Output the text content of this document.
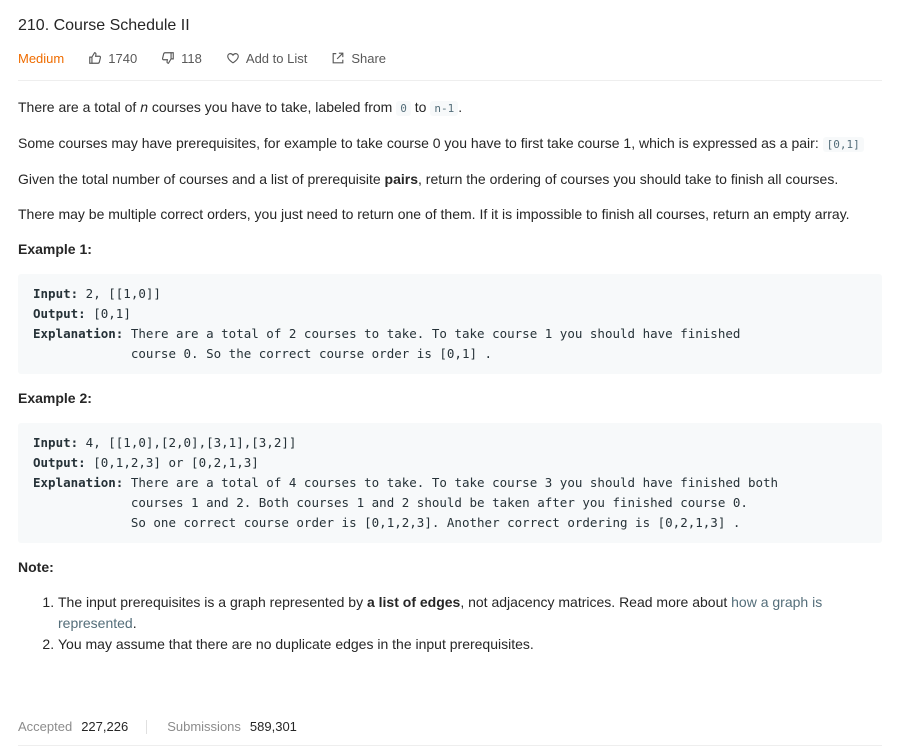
210. Course Schedule II
Medium	1740	118	Add to List	Share

There are a total of n courses you have to take, labeled from 0 to n-1 .

Some courses may have prerequisites, for example to take course 0 you have to first take course 1, which is expressed as a pair: [0,1]

Given the total number of courses and a list of prerequisite pairs, return the ordering of courses you should take to finish all courses.

There may be multiple correct orders, you just need to return one of them. If it is impossible to finish all courses, return an empty array.

Example 1:
Input: 2, [[1,0]]
Output: [0,1]
Explanation: There are a total of 2 courses to take. To take course 1 you should have finished
course 0. So the correct course order is [0,1] .
Example 2:
Input: 4, [[1,0],[2,0],[3,1],[3,2]]
Output: [0,1,2,3] or [0,2,1,3]
Explanation: There are a total of 4 courses to take. To take course 3 you should have finished both
courses 1 and 2. Both courses 1 and 2 should be taken after you finished course 0.
So one correct course order is [0,1,2,3]. Another correct ordering is [0,2,1,3] .
Note:
1. The input prerequisites is a graph represented by a list of edges, not adjacency matrices. Read more about how a graph is represented.
2. You may assume that there are no duplicate edges in the input prerequisites.
Accepted 227,226	Submissions 589,301
